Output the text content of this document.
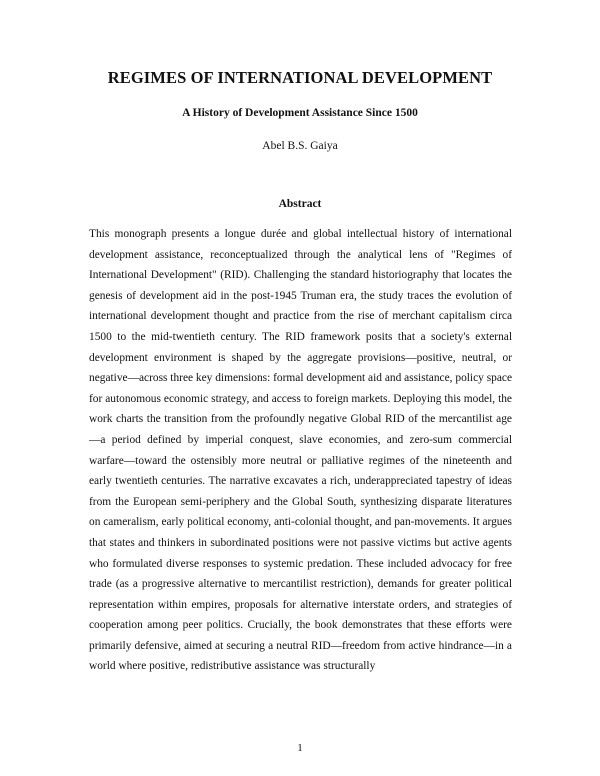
REGIMES OF INTERNATIONAL DEVELOPMENT
A History of Development Assistance Since 1500
Abel B.S. Gaiya
Abstract
This monograph presents a longue durée and global intellectual history of international development assistance, reconceptualized through the analytical lens of "Regimes of International Development" (RID). Challenging the standard historiography that locates the genesis of development aid in the post-1945 Truman era, the study traces the evolution of international development thought and practice from the rise of merchant capitalism circa 1500 to the mid-twentieth century. The RID framework posits that a society's external development environment is shaped by the aggregate provisions—positive, neutral, or negative—across three key dimensions: formal development aid and assistance, policy space for autonomous economic strategy, and access to foreign markets. Deploying this model, the work charts the transition from the profoundly negative Global RID of the mercantilist age—a period defined by imperial conquest, slave economies, and zero-sum commercial warfare—toward the ostensibly more neutral or palliative regimes of the nineteenth and early twentieth centuries. The narrative excavates a rich, underappreciated tapestry of ideas from the European semi-periphery and the Global South, synthesizing disparate literatures on cameralism, early political economy, anti-colonial thought, and pan-movements. It argues that states and thinkers in subordinated positions were not passive victims but active agents who formulated diverse responses to systemic predation. These included advocacy for free trade (as a progressive alternative to mercantilist restriction), demands for greater political representation within empires, proposals for alternative interstate orders, and strategies of cooperation among peer politics. Crucially, the book demonstrates that these efforts were primarily defensive, aimed at securing a neutral RID—freedom from active hindrance—in a world where positive, redistributive assistance was structurally
1
